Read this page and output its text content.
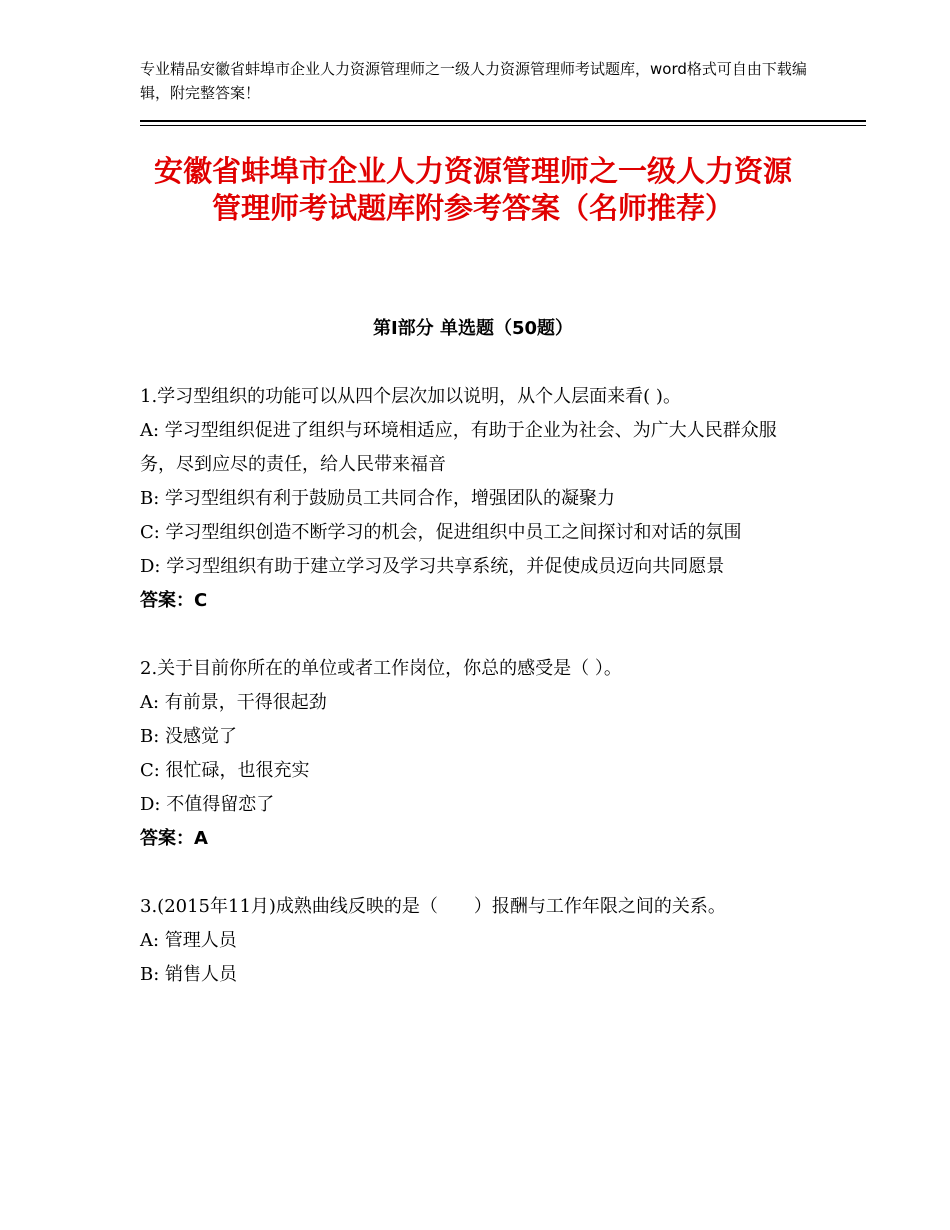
专业精品安徽省蚌埠市企业人力资源管理师之一级人力资源管理师考试题库，word格式可自由下载编辑，附完整答案！
安徽省蚌埠市企业人力资源管理师之一级人力资源管理师考试题库附参考答案（名师推荐）
第Ⅰ部分 单选题（50题）

1.学习型组织的功能可以从四个层次加以说明，从个人层面来看( )。

A: 学习型组织促进了组织与环境相适应，有助于企业为社会、为广大人民群众服务，尽到应尽的责任，给人民带来福音

B: 学习型组织有利于鼓励员工共同合作，增强团队的凝聚力

C: 学习型组织创造不断学习的机会，促进组织中员工之间探讨和对话的氛围

D: 学习型组织有助于建立学习及学习共享系统，并促使成员迈向共同愿景

答案：C

2.关于目前你所在的单位或者工作岗位，你总的感受是（ ）。

A: 有前景，干得很起劲

B: 没感觉了

C: 很忙碌，也很充实

D: 不值得留恋了

答案：A

3.(2015年11月)成熟曲线反映的是（　　）报酬与工作年限之间的关系。

A: 管理人员

B: 销售人员
